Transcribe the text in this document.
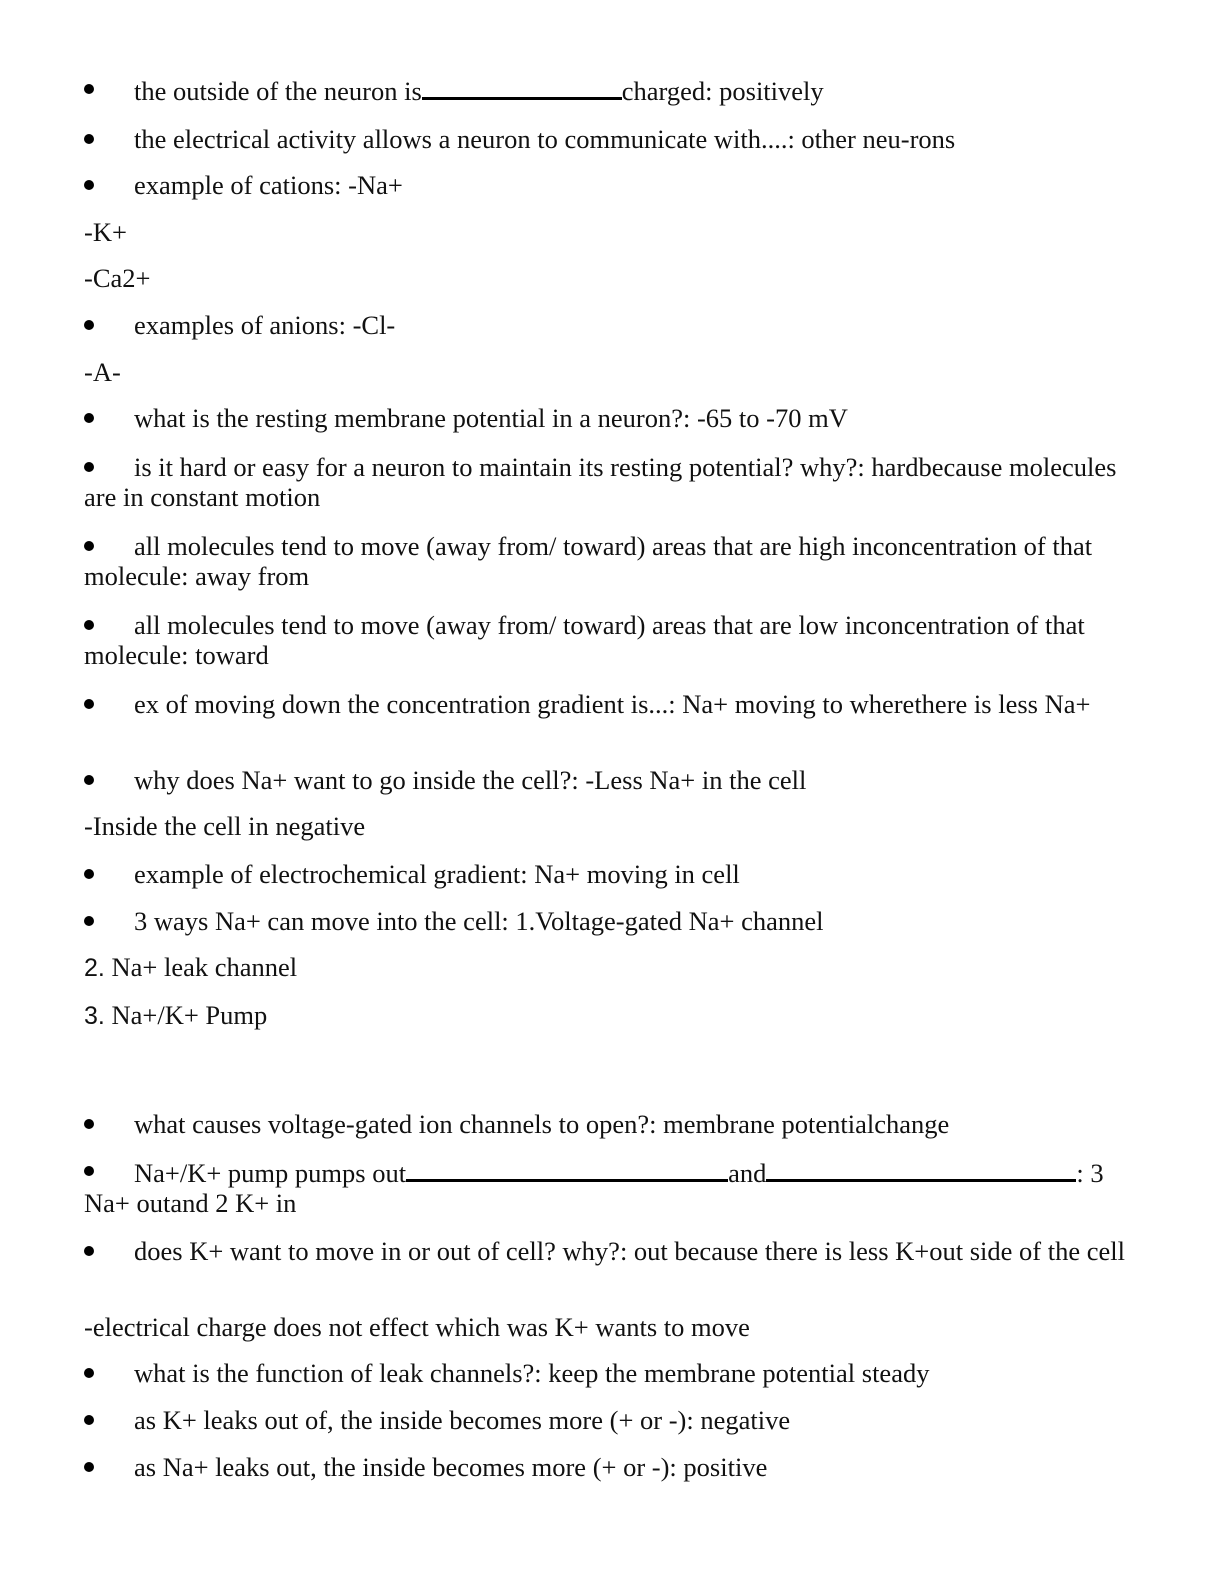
the outside of the neuron is	charged: positively

the electrical activity allows a neuron to communicate with....: other neu-rons

example of cations: -Na+

-K+

-Ca2+

examples of anions: -Cl-

-A-

what is the resting membrane potential in a neuron?: -65 to -70 mV

is it hard or easy for a neuron to maintain its resting potential? why?: hardbecause molecules are in constant motion

all molecules tend to move (away from/ toward) areas that are high inconcentration of that molecule: away from

all molecules tend to move (away from/ toward) areas that are low inconcentration of that molecule: toward

ex of moving down the concentration gradient is...: Na+ moving to wherethere is less Na+

why does Na+ want to go inside the cell?: -Less Na+ in the cell

-Inside the cell in negative

example of electrochemical gradient: Na+ moving in cell

3 ways Na+ can move into the cell: 1.Voltage-gated Na+ channel

2. Na+ leak channel

3. Na+/K+ Pump

what causes voltage-gated ion channels to open?: membrane potentialchange

Na+/K+ pump pumps out	and	: 3

Na+ outand 2 K+ in

does K+ want to move in or out of cell? why?: out because there is less K+out side of the cell

-electrical charge does not effect which was K+ wants to move

what is the function of leak channels?: keep the membrane potential steady

as K+ leaks out of, the inside becomes more (+ or -): negative

as Na+ leaks out, the inside becomes more (+ or -): positive
